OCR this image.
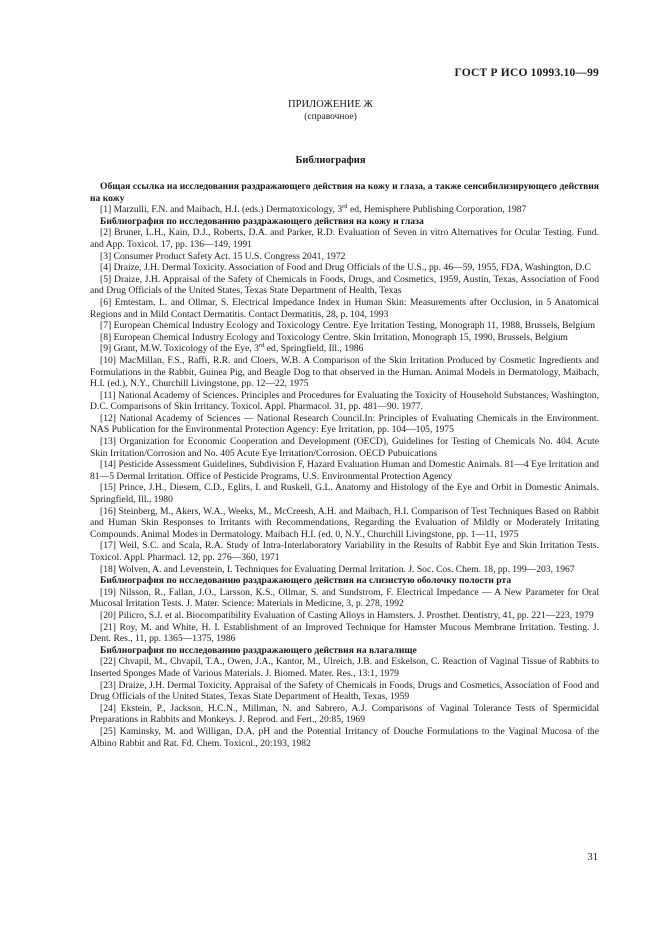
ГОСТ Р ИСО 10993.10—99
ПРИЛОЖЕНИЕ Ж
(справочное)
Библиография

Общая ссылка на исследования раздражающего действия на кожу и глаза, а также сенсибилизирующего действия на кожу

[1] Marzulli, F.N. and Maibach, H.I. (eds.) Dermatoxicology, 3rd ed, Hemisphere Publishing Corporation, 1987

Библиография по исследованию раздражающего действия на кожу и глаза

[2] Bruner, L.H., Kain, D.J., Roberts, D.A. and Parker, R.D. Evaluation of Seven in vitro Alternatives for Ocular Testing. Fund. and App. Toxicol. 17, pp. 136—149, 1991

[3] Consumer Product Safety Act. 15 U.S. Congress 2041, 1972

[4] Draize, J.H. Dermal Toxicity. Association of Food and Drug Officials of the U.S., pp. 46—59, 1955, FDA, Washington, D.C

[5] Draize, J.H. Appraisal of the Safety of Chemicals in Foods, Drugs, and Cosmetics, 1959, Austin, Texas, Association of Food and Drug Officials of the United States, Texas State Department of Health, Texas

[6] Emtestam, L. and Ollmar, S. Electrical Impedance Index in Human Skin: Measurements after Occlusion, in 5 Anatomical Regions and in Mild Contact Dermatitis. Contact Dermatitis, 28, p. 104, 1993

[7] European Chemical Industry Ecology and Toxicology Centre. Eye Irritation Testing, Monograph 11, 1988, Brussels, Belgium

[8] European Chemical Industry Ecology and Toxicology Centre. Skin Irritation, Monograph 15, 1990, Brussels, Belgium

[9] Grant, M.W. Toxicology of the Eye, 3rd ed, Springfield, Ill., 1986

[10] MacMillan, F.S., Raffi, R.R. and Cloers, W.B. A Comparison of the Skin Irritation Produced by Cosmetic Ingredients and Formulations in the Rabbit, Guinea Pig, and Beagle Dog to that observed in the Human. Animal Models in Dermatology, Maibach, H.I. (ed.), N.Y., Churchill Livingstone, pp. 12—22, 1975

[11] National Academy of Sciences. Principles and Procedures for Evaluating the Toxicity of Household Substances, Washington, D.C. Comparisons of Skin Irritancy. Toxicol. Appl. Pharmacol. 31, pp. 481—90. 1977.

[12] National Academy of Sciences — National Research Council.In: Principles of Evaluating Chemicals in the Environment. NAS Publication for the Environmental Protection Agency: Eye Irritation, pp. 104—105, 1975

[13] Organization for Economic Cooperation and Development (OECD), Guidelines for Testing of Chemicals No. 404. Acute Skin Irritation/Corrosion and No. 405 Acute Eye Irritation/Corrosion. OECD Pubuications

[14] Pesticide Assessment Guidelines, Subdivision F, Hazard Evaluation Human and Domestic Animals. 81—4 Eye Irritation and 81—5 Dermal Irritation. Office of Pesticide Programs, U.S. Environmental Protection Agency

[15] Prince, J.H., Diesem, C.D., Eglits, I. and Ruskell, G.L. Anatomy and Histology of the Eye and Orbit in Domestic Animals. Springfield, Ill., 1980

[16] Steinberg, M., Akers, W.A., Weeks, M., McCreesh, A.H. and Maibach, H.I. Comparison of Test Techniques Based on Rabbit and Human Skin Responses to Irritants with Recommendations, Regarding the Evaluation of Mildly or Moderately Irritating Compounds. Animal Modes in Dermatology. Maibach H.I. (ed. 0, N.Y., Churchill Livingstone, pp. 1—11, 1975

[17] Weil, S.C. and Scala, R.A. Study of Intra-Interlaboratory Variability in the Results of Rabbit Eye and Skin Irritation Tests. Toxicol. Appl. Pharmacl. 12, pp. 276—360, 1971

[18] Wolven, A. and Levenstein, I. Techniques for Evaluating Dermal Irritation. J. Soc. Cos. Chem. 18, pp. 199—203, 1967

Библиография по исследованию раздражающего действия на слизистую оболочку полости рта

[19] Nilsson, R., Fallan, J.O., Larsson, K.S., Ollmar, S. and Sundstrom, F. Electrical Impedance — A New Parameter for Oral Mucosal Irritation Tests. J. Mater. Science: Materials in Medicine, 3, p. 278, 1992

[20] Pilicro, S.J. et al. Biocompatibility Evaluation of Casting Alloys in Hamsters. J. Prosthet. Dentistry, 41, pp. 221—223, 1979

[21] Roy, M. and White, H. I. Establishment of an Improved Technique for Hamster Mucous Membrane Irritation. Testing. J. Dent. Res., 11, pp. 1365—1375, 1986

Библиография по исследованию раздражающего действия на влагалище

[22] Chvapil, M., Chvapil, T.A., Owen, J.A., Kantor, M., Ulreich, J.B. and Eskelson, C. Reaction of Vaginal Tissue of Rabbits to Inserted Sponges Made of Various Materials. J. Biomed. Mater. Res., 13:1, 1979

[23] Draize, J.H. Dermal Toxicity. Appraisal of the Safety of Chemicals in Foods, Drugs and Cosmetics, Association of Food and Drug Officials of the United States, Texas State Department of Health, Texas, 1959

[24] Ekstein, P., Jackson, H.C.N., Millman, N. and Sabrero, A.J. Comparisons of Vaginal Tolerance Tests of Spermicidal Preparations in Rabbits and Monkeys. J. Reprod. and Fert., 20:85, 1969

[25] Kaminsky, M. and Willigan, D.A. pH and the Potential Irritancy of Douche Formulations to the Vaginal Mucosa of the Albino Rabbit and Rat. Fd. Chem. Toxicol., 20:193, 1982

31
